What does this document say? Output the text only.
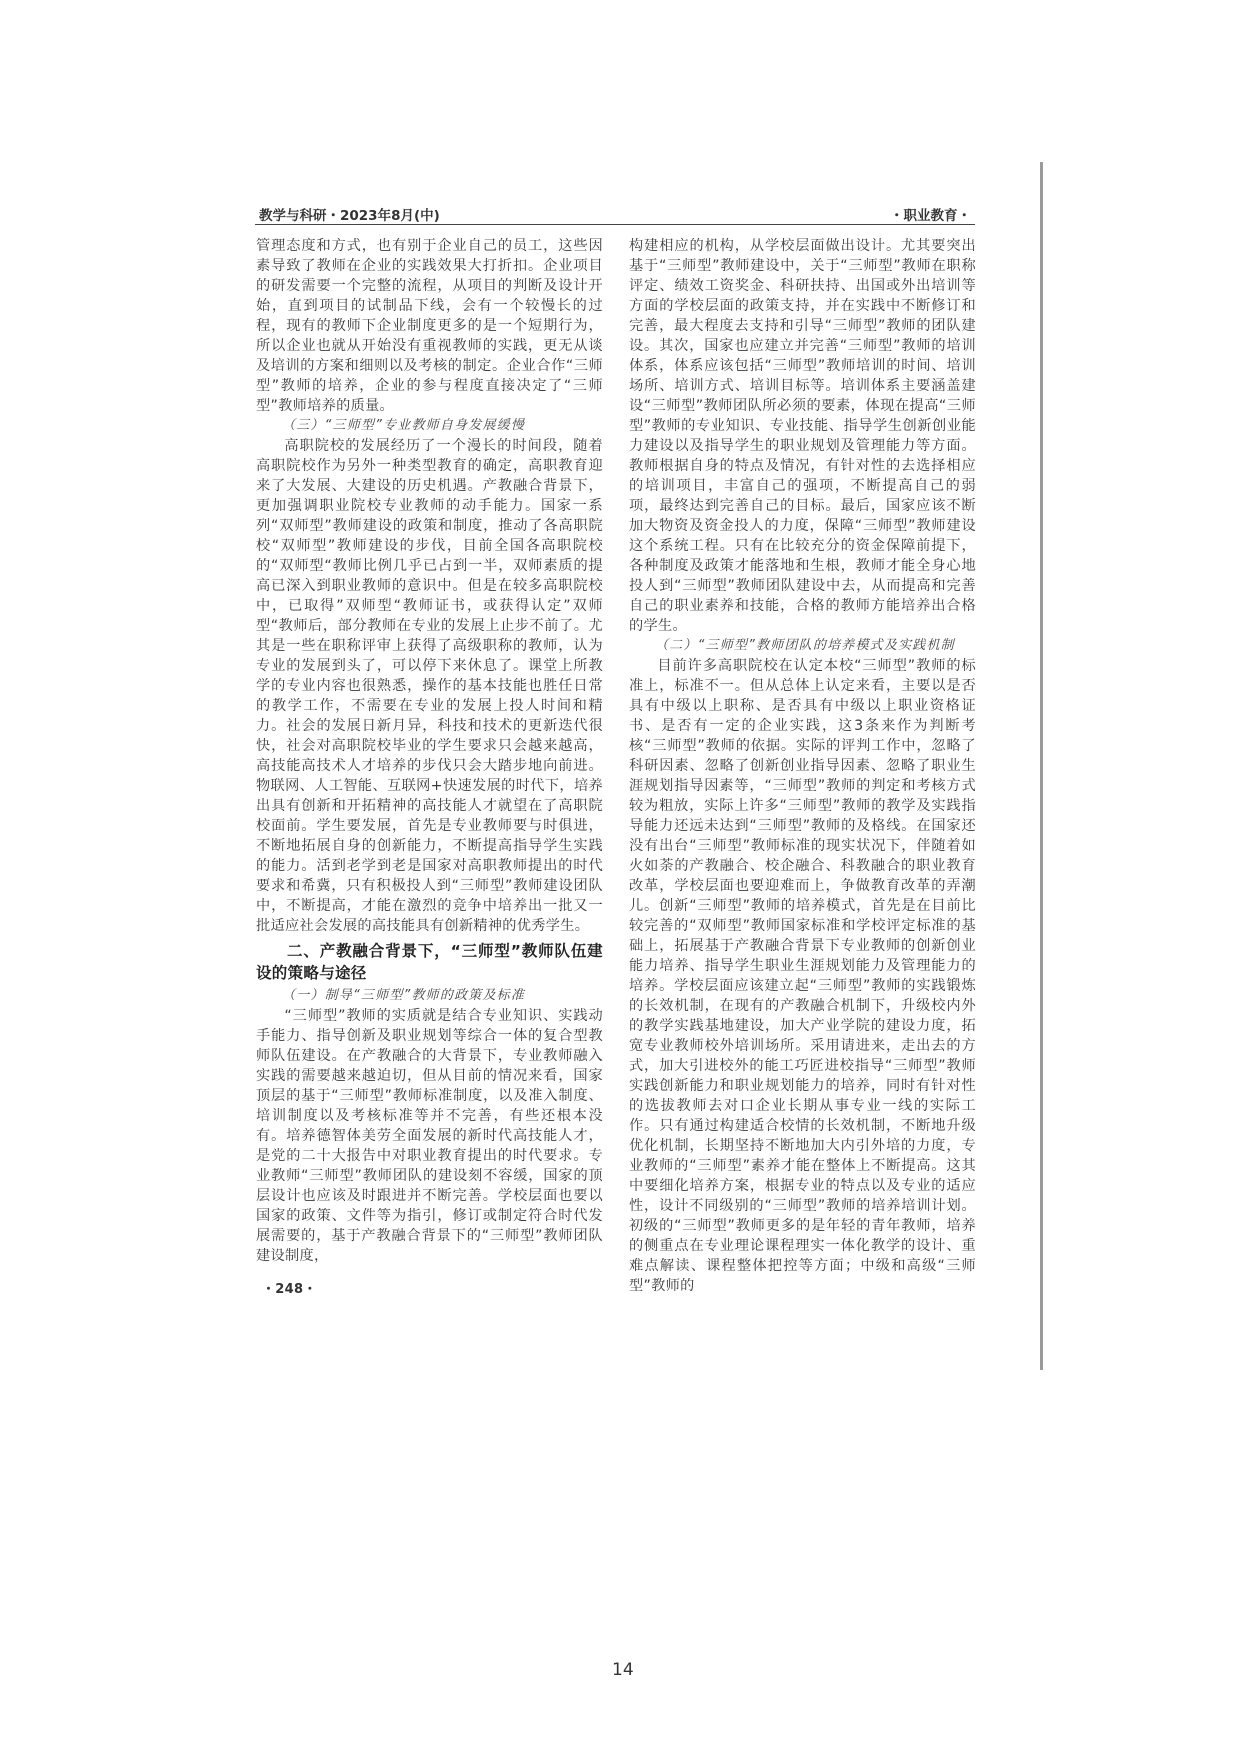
教学与科研・2023年8月(中)	・职业教育・

管理态度和方式，也有别于企业自己的员工，这些因素导致了教师在企业的实践效果大打折扣。企业项目的研发需要一个完整的流程，从项目的判断及设计开始，直到项目的试制品下线，会有一个较慢长的过程，现有的教师下企业制度更多的是一个短期行为，所以企业也就从开始没有重视教师的实践，更无从谈及培训的方案和细则以及考核的制定。企业合作“三师型”教师的培养，企业的参与程度直接决定了“三师型”教师培养的质量。

（三）“三师型”专业教师自身发展缓慢

高职院校的发展经历了一个漫长的时间段，随着高职院校作为另外一种类型教育的确定，高职教育迎来了大发展、大建设的历史机遇。产教融合背景下，更加强调职业院校专业教师的动手能力。国家一系列“双师型”教师建设的政策和制度，推动了各高职院校“双师型”教师建设的步伐，目前全国各高职院校的“双师型“教师比例几乎已占到一半，双师素质的提高已深入到职业教师的意识中。但是在较多高职院校中，已取得”双师型“教师证书，或获得认定”双师型“教师后，部分教师在专业的发展上止步不前了。尤其是一些在职称评审上获得了高级职称的教师，认为专业的发展到头了，可以停下来休息了。课堂上所教学的专业内容也很熟悉，操作的基本技能也胜任日常的教学工作，不需要在专业的发展上投人时间和精力。社会的发展日新月异，科技和技术的更新迭代很快，社会对高职院校毕业的学生要求只会越来越高，高技能高技术人才培养的步伐只会大踏步地向前进。物联网、人工智能、互联网+快速发展的时代下，培养出具有创新和开拓精神的高技能人才就望在了高职院校面前。学生要发展，首先是专业教师要与时俱进，不断地拓展自身的创新能力，不断提高指导学生实践的能力。活到老学到老是国家对高职教师提出的时代要求和希冀，只有积极投人到“三师型”教师建设团队中，不断提高，才能在激烈的竞争中培养出一批又一批适应社会发展的高技能具有创新精神的优秀学生。

二、产教融合背景下，“三师型”教师队伍建设的策略与途径

（一）制导“三师型”教师的政策及标准

“三师型”教师的实质就是结合专业知识、实践动手能力、指导创新及职业规划等综合一体的复合型教师队伍建设。在产教融合的大背景下，专业教师融入实践的需要越来越迫切，但从目前的情况来看，国家顶层的基于“三师型”教师标准制度，以及准入制度、培训制度以及考核标准等并不完善，有些还根本没有。培养德智体美劳全面发展的新时代高技能人才，是党的二十大报告中对职业教育提出的时代要求。专业教师“三师型”教师团队的建设刻不容缓，国家的顶层设计也应该及时跟进并不断完善。学校层面也要以国家的政策、文件等为指引，修订或制定符合时代发展需要的，基于产教融合背景下的“三师型”教师团队建设制度，

・248・

构建相应的机构，从学校层面做出设计。尤其要突出基于“三师型”教师建设中，关于“三师型”教师在职称评定、绩效工资奖金、科研扶持、出国或外出培训等方面的学校层面的政策支持，并在实践中不断修订和完善，最大程度去支持和引导“三师型”教师的团队建设。其次，国家也应建立并完善“三师型”教师的培训体系，体系应该包括“三师型”教师培训的时间、培训场所、培训方式、培训目标等。培训体系主要涵盖建设“三师型”教师团队所必须的要素，体现在提高“三师型”教师的专业知识、专业技能、指导学生创新创业能力建设以及指导学生的职业规划及管理能力等方面。教师根据自身的特点及情况，有针对性的去选择相应的培训项目，丰富自己的强项，不断提高自己的弱项，最终达到完善自己的目标。最后，国家应该不断加大物资及资金投人的力度，保障“三师型”教师建设这个系统工程。只有在比较充分的资金保障前提下，各种制度及政策才能落地和生根，教师才能全身心地投人到“三师型”教师团队建设中去，从而提高和完善自己的职业素养和技能，合格的教师方能培养出合格的学生。

（二）“三师型”教师团队的培养模式及实践机制

目前许多高职院校在认定本校“三师型”教师的标准上，标准不一。但从总体上认定来看，主要以是否具有中级以上职称、是否具有中级以上职业资格证书、是否有一定的企业实践，这3条来作为判断考核“三师型”教师的依据。实际的评判工作中，忽略了科研因素、忽略了创新创业指导因素、忽略了职业生涯规划指导因素等，“三师型”教师的判定和考核方式较为粗放，实际上许多“三师型”教师的教学及实践指导能力还远未达到“三师型”教师的及格线。在国家还没有出台“三师型”教师标准的现实状况下，伴随着如火如荼的产教融合、校企融合、科教融合的职业教育改革，学校层面也要迎难而上，争做教育改革的弄潮儿。创新“三师型”教师的培养模式，首先是在目前比较完善的“双师型”教师国家标准和学校评定标准的基础上，拓展基于产教融合背景下专业教师的创新创业能力培养、指导学生职业生涯规划能力及管理能力的培养。学校层面应该建立起“三师型”教师的实践锻炼的长效机制，在现有的产教融合机制下，升级校内外的教学实践基地建设，加大产业学院的建设力度，拓宽专业教师校外培训场所。采用请进来，走出去的方式，加大引进校外的能工巧匠进校指导“三师型”教师实践创新能力和职业规划能力的培养，同时有针对性的选拔教师去对口企业长期从事专业一线的实际工作。只有通过构建适合校情的长效机制，不断地升级优化机制，长期坚持不断地加大内引外培的力度，专业教师的“三师型”素养才能在整体上不断提高。这其中要细化培养方案，根据专业的特点以及专业的适应性，设计不同级别的“三师型”教师的培养培训计划。初级的“三师型”教师更多的是年轻的青年教师，培养的侧重点在专业理论课程理实一体化教学的设计、重难点解读、课程整体把控等方面；中级和高级“三师型”教师的

14
